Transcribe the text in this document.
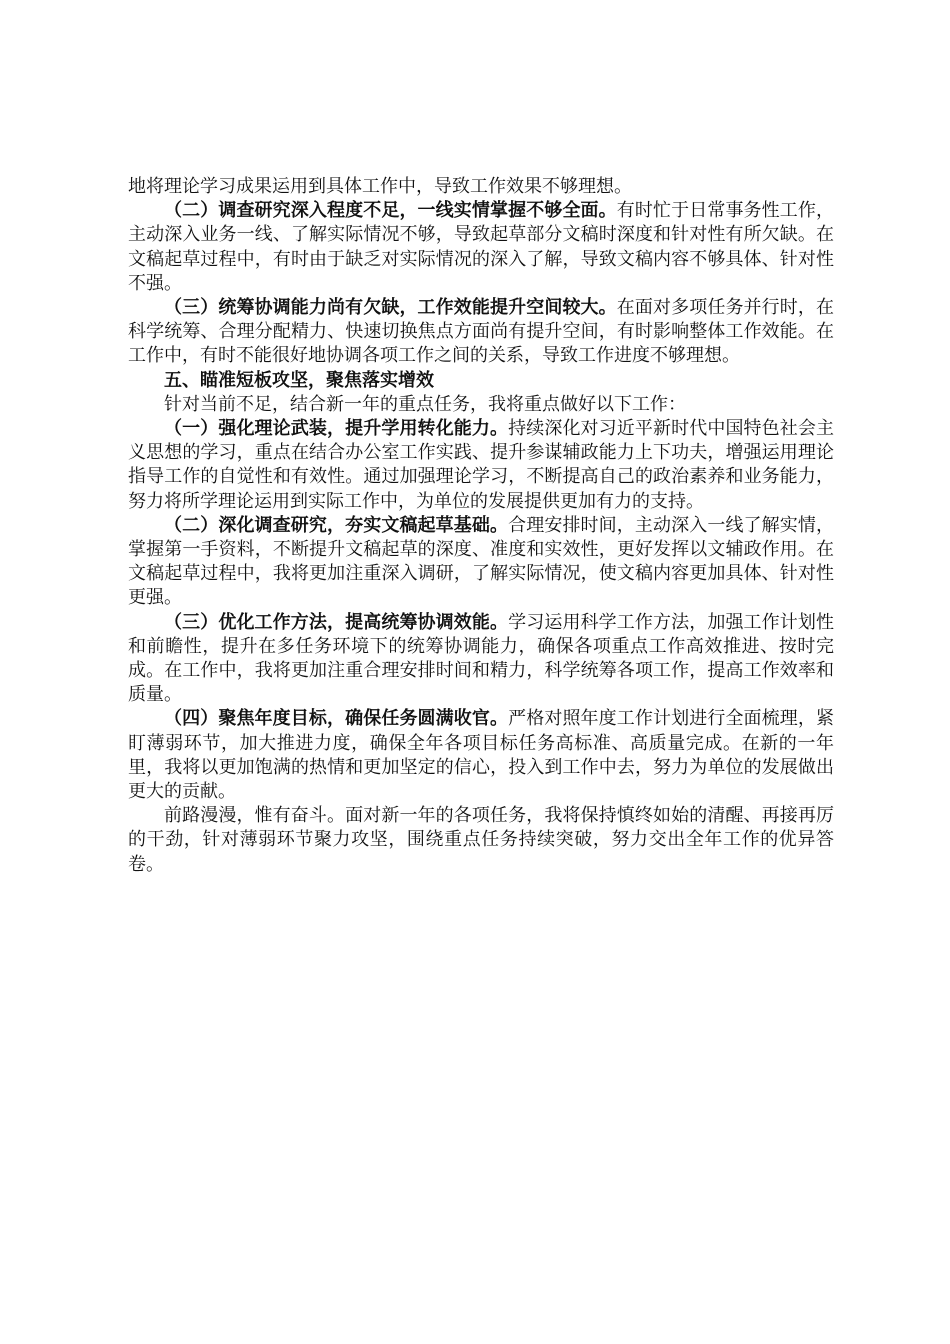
地将理论学习成果运用到具体工作中，导致工作效果不够理想。

（二）调查研究深入程度不足，一线实情掌握不够全面。有时忙于日常事务性工作，主动深入业务一线、了解实际情况不够，导致起草部分文稿时深度和针对性有所欠缺。在文稿起草过程中，有时由于缺乏对实际情况的深入了解，导致文稿内容不够具体、针对性不强。

（三）统筹协调能力尚有欠缺，工作效能提升空间较大。在面对多项任务并行时，在科学统筹、合理分配精力、快速切换焦点方面尚有提升空间，有时影响整体工作效能。在工作中，有时不能很好地协调各项工作之间的关系，导致工作进度不够理想。

五、瞄准短板攻坚，聚焦落实增效

针对当前不足，结合新一年的重点任务，我将重点做好以下工作：

（一）强化理论武装，提升学用转化能力。持续深化对习近平新时代中国特色社会主义思想的学习，重点在结合办公室工作实践、提升参谋辅政能力上下功夫，增强运用理论指导工作的自觉性和有效性。通过加强理论学习，不断提高自己的政治素养和业务能力，努力将所学理论运用到实际工作中，为单位的发展提供更加有力的支持。

（二）深化调查研究，夯实文稿起草基础。合理安排时间，主动深入一线了解实情，掌握第一手资料，不断提升文稿起草的深度、准度和实效性，更好发挥以文辅政作用。在文稿起草过程中，我将更加注重深入调研，了解实际情况，使文稿内容更加具体、针对性更强。

（三）优化工作方法，提高统筹协调效能。学习运用科学工作方法，加强工作计划性和前瞻性，提升在多任务环境下的统筹协调能力，确保各项重点工作高效推进、按时完成。在工作中，我将更加注重合理安排时间和精力，科学统筹各项工作，提高工作效率和质量。

（四）聚焦年度目标，确保任务圆满收官。严格对照年度工作计划进行全面梳理，紧盯薄弱环节，加大推进力度，确保全年各项目标任务高标准、高质量完成。在新的一年里，我将以更加饱满的热情和更加坚定的信心，投入到工作中去，努力为单位的发展做出更大的贡献。

前路漫漫，惟有奋斗。面对新一年的各项任务，我将保持慎终如始的清醒、再接再厉的干劲，针对薄弱环节聚力攻坚，围绕重点任务持续突破，努力交出全年工作的优异答卷。
